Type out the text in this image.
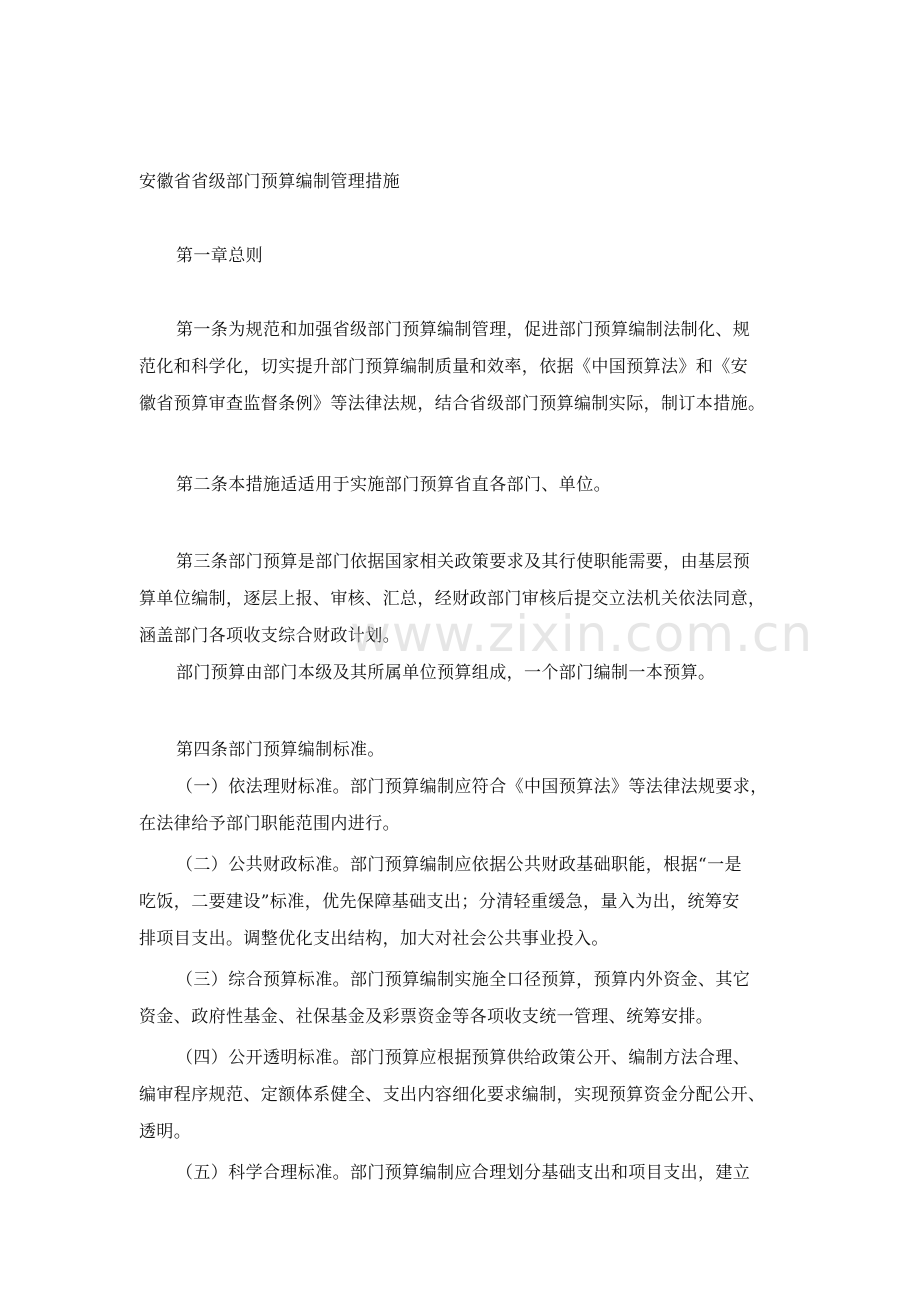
安徽省省级部门预算编制管理措施
第一章总则
第一条为规范和加强省级部门预算编制管理，促进部门预算编制法制化、规
范化和科学化，切实提升部门预算编制质量和效率，依据《中国预算法》和《安
徽省预算审查监督条例》等法律法规，结合省级部门预算编制实际，制订本措施。
第二条本措施适适用于实施部门预算省直各部门、单位。
第三条部门预算是部门依据国家相关政策要求及其行使职能需要，由基层预
算单位编制，逐层上报、审核、汇总，经财政部门审核后提交立法机关依法同意，
涵盖部门各项收支综合财政计划。
部门预算由部门本级及其所属单位预算组成，一个部门编制一本预算。
第四条部门预算编制标准。
（一）依法理财标准。部门预算编制应符合《中国预算法》等法律法规要求，
在法律给予部门职能范围内进行。
（二）公共财政标准。部门预算编制应依据公共财政基础职能，根据“一是
吃饭，二要建设”标准，优先保障基础支出；分清轻重缓急，量入为出，统筹安
排项目支出。调整优化支出结构，加大对社会公共事业投入。
（三）综合预算标准。部门预算编制实施全口径预算，预算内外资金、其它
资金、政府性基金、社保基金及彩票资金等各项收支统一管理、统筹安排。
（四）公开透明标准。部门预算应根据预算供给政策公开、编制方法合理、
编审程序规范、定额体系健全、支出内容细化要求编制，实现预算资金分配公开、
透明。
（五）科学合理标准。部门预算编制应合理划分基础支出和项目支出，建立
www.zixin.com.cn
